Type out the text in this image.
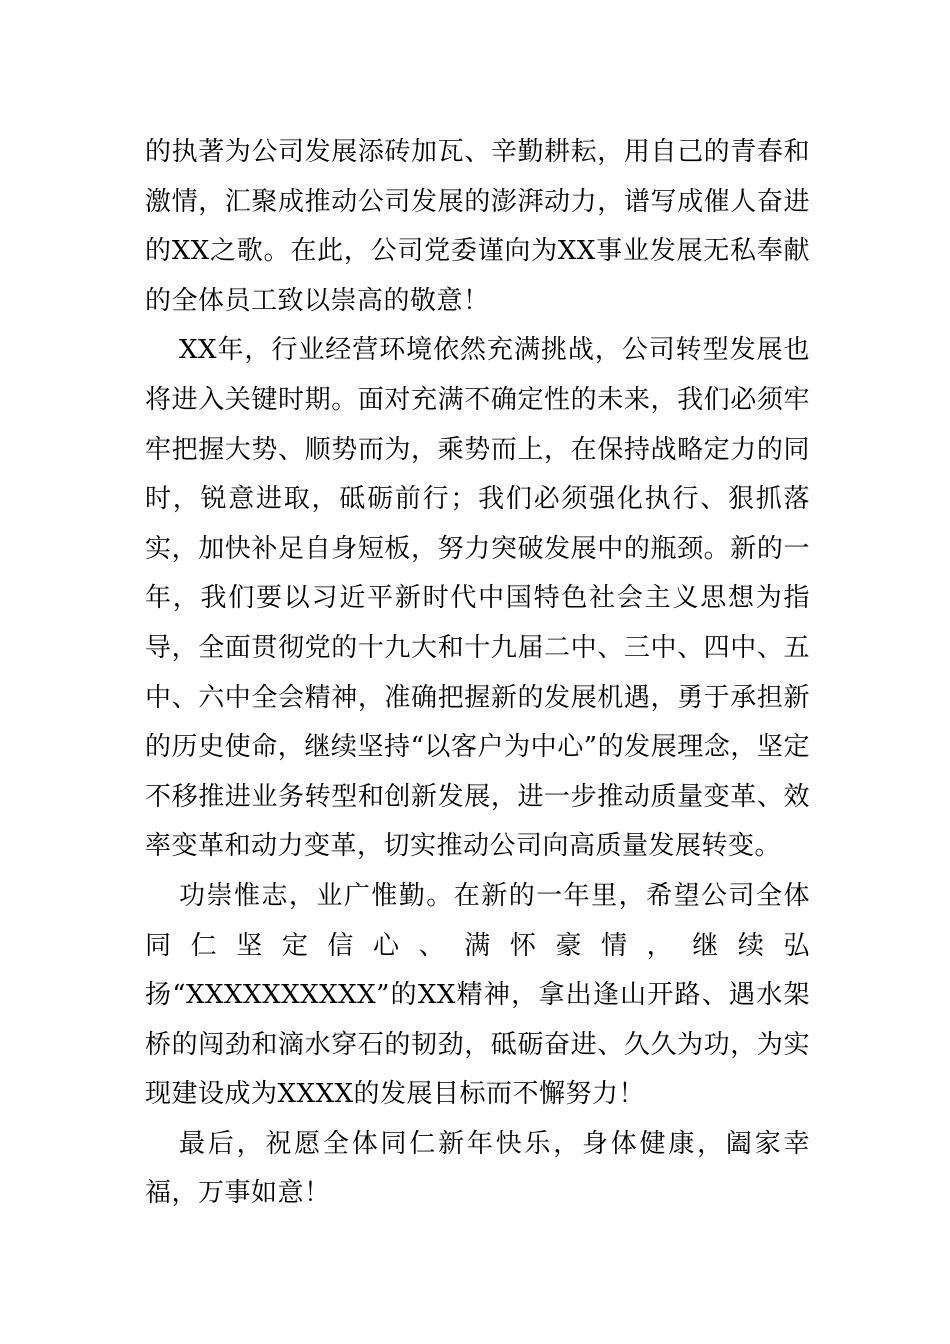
的执著为公司发展添砖加瓦、辛勤耕耘，用自己的青春和激情，汇聚成推动公司发展的澎湃动力，谱写成催人奋进的XX之歌。在此，公司党委谨向为XX事业发展无私奉献的全体员工致以崇高的敬意！

XX年，行业经营环境依然充满挑战，公司转型发展也将进入关键时期。面对充满不确定性的未来，我们必须牢牢把握大势、顺势而为，乘势而上，在保持战略定力的同时，锐意进取，砥砺前行；我们必须强化执行、狠抓落实，加快补足自身短板，努力突破发展中的瓶颈。新的一年，我们要以习近平新时代中国特色社会主义思想为指导，全面贯彻党的十九大和十九届二中、三中、四中、五中、六中全会精神，准确把握新的发展机遇，勇于承担新的历史使命，继续坚持“以客户为中心”的发展理念，坚定不移推进业务转型和创新发展，进一步推动质量变革、效率变革和动力变革，切实推动公司向高质量发展转变。

功崇惟志，业广惟勤。在新的一年里，希望公司全体同仁坚定信心、满怀豪情，继续弘扬“XXXXXXXXXX”的XX精神，拿出逢山开路、遇水架桥的闯劲和滴水穿石的韧劲，砥砺奋进、久久为功，为实现建设成为XXXX的发展目标而不懈努力！

最后，祝愿全体同仁新年快乐，身体健康，阖家幸福，万事如意！
